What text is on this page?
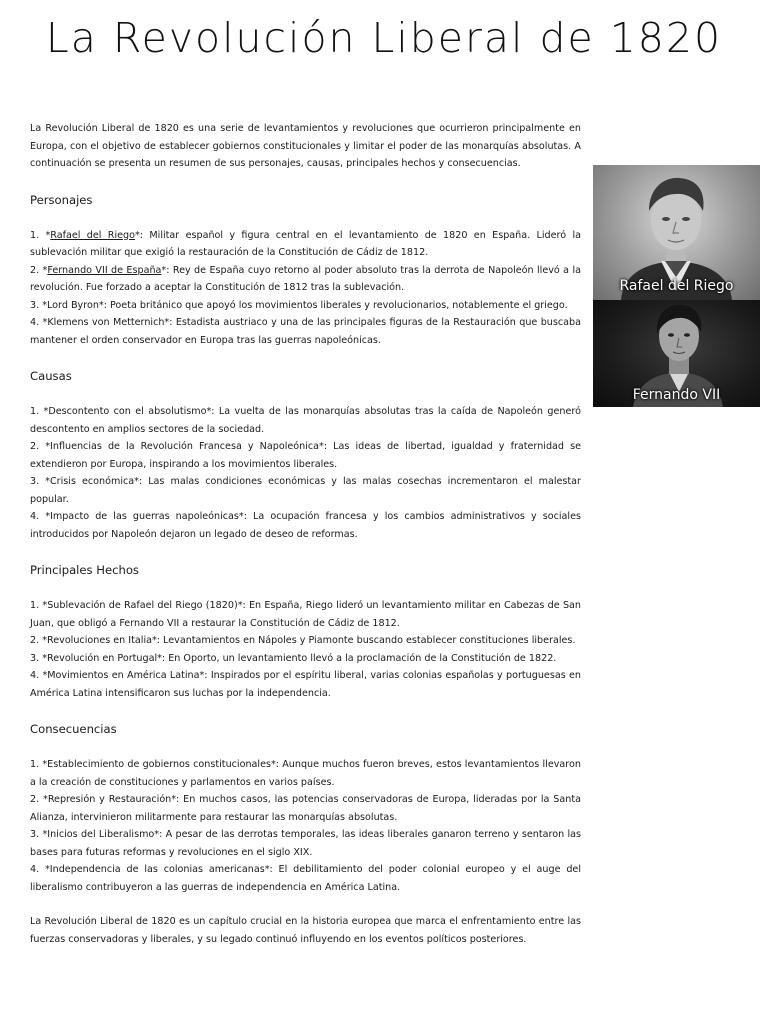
La Revolución Liberal de 1820

La Revolución Liberal de 1820 es una serie de levantamientos y revoluciones que ocurrieron principalmente en Europa, con el objetivo de establecer gobiernos constitucionales y limitar el poder de las monarquías absolutas. A continuación se presenta un resumen de sus personajes, causas, principales hechos y consecuencias.

Personajes

1. *Rafael del Riego*: Militar español y figura central en el levantamiento de 1820 en España. Lideró la sublevación militar que exigió la restauración de la Constitución de Cádiz de 1812.

2. *Fernando VII de España*: Rey de España cuyo retorno al poder absoluto tras la derrota de Napoleón llevó a la revolución. Fue forzado a aceptar la Constitución de 1812 tras la sublevación.

3. *Lord Byron*: Poeta británico que apoyó los movimientos liberales y revolucionarios, notablemente el griego.

4. *Klemens von Metternich*: Estadista austriaco y una de las principales figuras de la Restauración que buscaba mantener el orden conservador en Europa tras las guerras napoleónicas.

Causas

1. *Descontento con el absolutismo*: La vuelta de las monarquías absolutas tras la caída de Napoleón generó descontento en amplios sectores de la sociedad.

2. *Influencias de la Revolución Francesa y Napoleónica*: Las ideas de libertad, igualdad y fraternidad se extendieron por Europa, inspirando a los movimientos liberales.

3. *Crisis económica*: Las malas condiciones económicas y las malas cosechas incrementaron el malestar popular.

4. *Impacto de las guerras napoleónicas*: La ocupación francesa y los cambios administrativos y sociales introducidos por Napoleón dejaron un legado de deseo de reformas.

Principales Hechos

1. *Sublevación de Rafael del Riego (1820)*: En España, Riego lideró un levantamiento militar en Cabezas de San Juan, que obligó a Fernando VII a restaurar la Constitución de Cádiz de 1812.

2. *Revoluciones en Italia*: Levantamientos en Nápoles y Piamonte buscando establecer constituciones liberales.

3. *Revolución en Portugal*: En Oporto, un levantamiento llevó a la proclamación de la Constitución de 1822.

4. *Movimientos en América Latina*: Inspirados por el espíritu liberal, varias colonias españolas y portuguesas en América Latina intensificaron sus luchas por la independencia.

Consecuencias

1. *Establecimiento de gobiernos constitucionales*: Aunque muchos fueron breves, estos levantamientos llevaron a la creación de constituciones y parlamentos en varios países.

2. *Represión y Restauración*: En muchos casos, las potencias conservadoras de Europa, lideradas por la Santa Alianza, intervinieron militarmente para restaurar las monarquías absolutas.

3. *Inicios del Liberalismo*: A pesar de las derrotas temporales, las ideas liberales ganaron terreno y sentaron las bases para futuras reformas y revoluciones en el siglo XIX.

4. *Independencia de las colonias americanas*: El debilitamiento del poder colonial europeo y el auge del liberalismo contribuyeron a las guerras de independencia en América Latina.

La Revolución Liberal de 1820 es un capítulo crucial en la historia europea que marca el enfrentamiento entre las fuerzas conservadoras y liberales, y su legado continuó influyendo en los eventos políticos posteriores.

Rafael del Riego
Fernando VII
